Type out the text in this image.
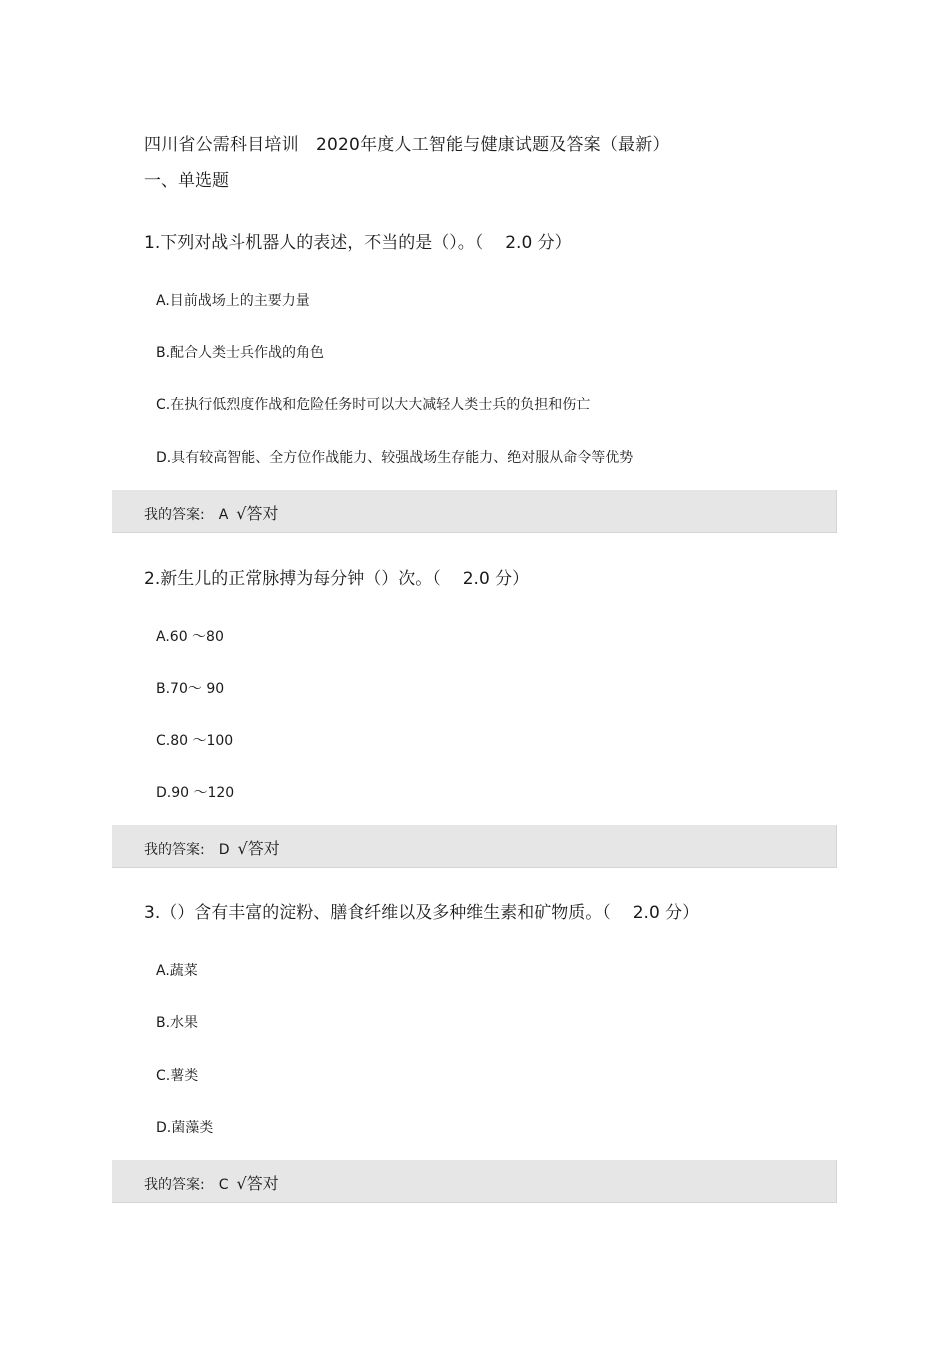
四川省公需科目培训　2020年度人工智能与健康试题及答案（最新）
一、单选题
1.下列对战斗机器人的表述，不当的是（）。（ 2.0 分）
A.目前战场上的主要力量
B.配合人类士兵作战的角色
C.在执行低烈度作战和危险任务时可以大大减轻人类士兵的负担和伤亡
D.具有较高智能、全方位作战能力、较强战场生存能力、绝对服从命令等优势
我的答案: A √答对
2.新生儿的正常脉搏为每分钟（）次。（ 2.0 分）
A.60 ～80
B.70～ 90
C.80 ～100
D.90 ～120
我的答案: D √答对
3.（）含有丰富的淀粉、膳食纤维以及多种维生素和矿物质。（ 2.0 分）
A.蔬菜
B.水果
C.薯类
D.菌藻类
我的答案: C √答对
